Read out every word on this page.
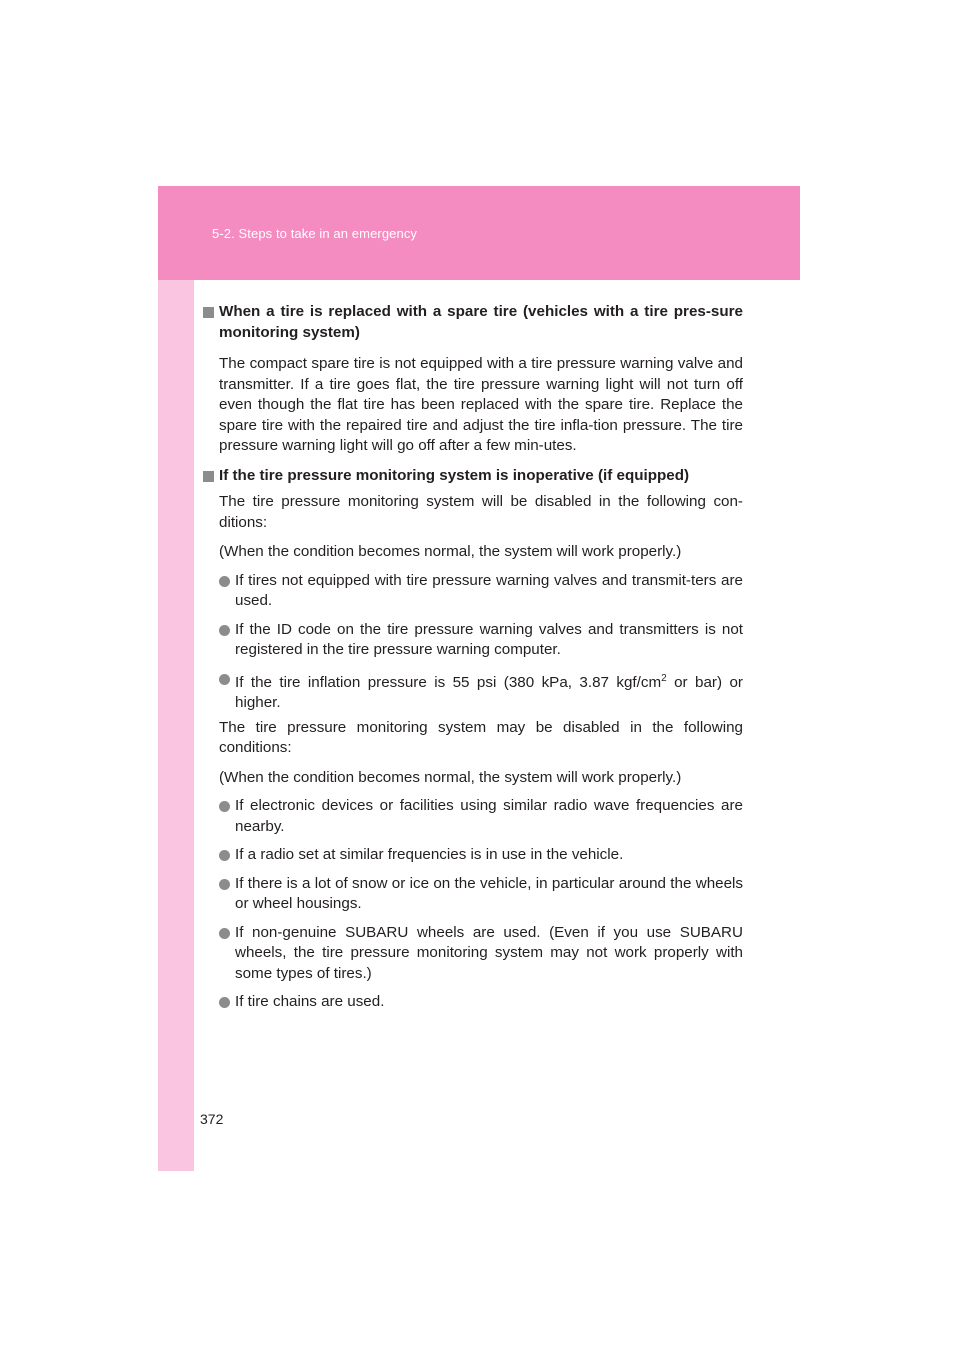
5-2. Steps to take in an emergency

When a tire is replaced with a spare tire (vehicles with a tire pres-sure monitoring system)

The compact spare tire is not equipped with a tire pressure warning valve and transmitter. If a tire goes flat, the tire pressure warning light will not turn off even though the flat tire has been replaced with the spare tire. Replace the spare tire with the repaired tire and adjust the tire infla-tion pressure. The tire pressure warning light will go off after a few min-utes.

If the tire pressure monitoring system is inoperative (if equipped)

The tire pressure monitoring system will be disabled in the following con-ditions:

(When the condition becomes normal, the system will work properly.)

If tires not equipped with tire pressure warning valves and transmit-ters are used.
If the ID code on the tire pressure warning valves and transmitters is not registered in the tire pressure warning computer.
If the tire inflation pressure is 55 psi (380 kPa, 3.87 kgf/$cm^2$ or bar) or higher.

The tire pressure monitoring system may be disabled in the following conditions:

(When the condition becomes normal, the system will work properly.)

If electronic devices or facilities using similar radio wave frequencies are nearby.
If a radio set at similar frequencies is in use in the vehicle.
If there is a lot of snow or ice on the vehicle, in particular around the wheels or wheel housings.
If non-genuine SUBARU wheels are used. (Even if you use SUBARU wheels, the tire pressure monitoring system may not work properly with some types of tires.)
If tire chains are used.
372
